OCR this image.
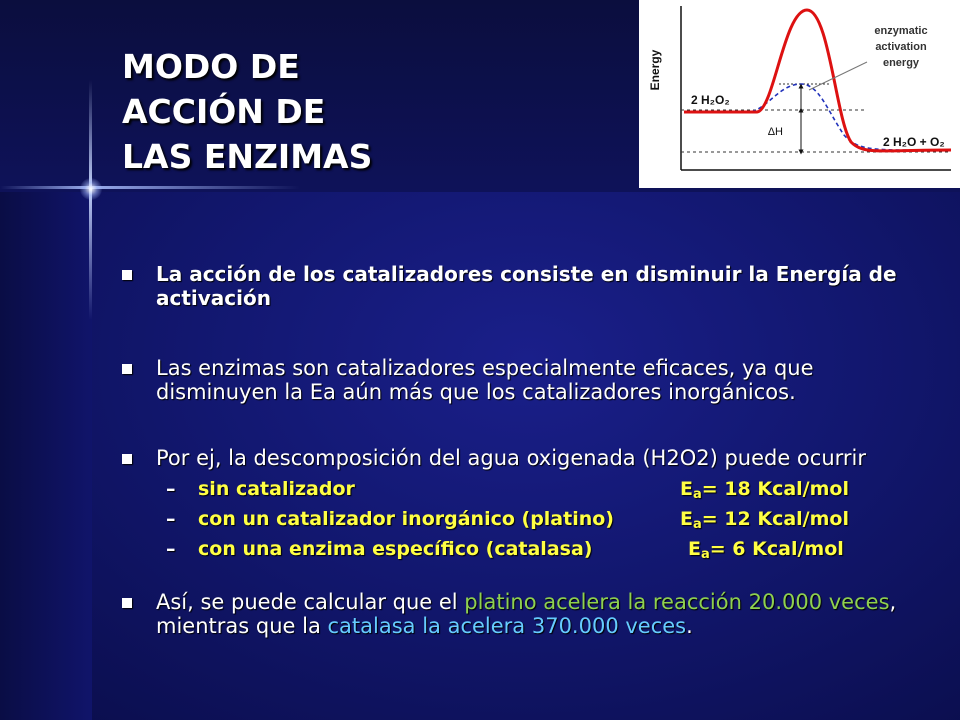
MODO DE
ACCIÓN DE
LAS ENZIMAS
Energy
2 H₂O₂
2 H₂O + O₂
ΔH
enzymatic
activation
energy

La acción de los catalizadores consiste en disminuir la Energía de activación

Las enzimas son catalizadores especialmente eficaces, ya que disminuyen la Ea aún más que los catalizadores inorgánicos.

Por ej, la descomposición del agua oxigenada (H2O2) puede ocurrir

– sin catalizador	$E_a= 18$ Kcal/mol
– con un catalizador inorgánico (platino)	$E_a= 12$ Kcal/mol
– con una enzima específico (catalasa)	$E_a= 6$ Kcal/mol

Así, se puede calcular que el platino acelera la reacción 20.000 veces, mientras que la catalasa la acelera 370.000 veces.
